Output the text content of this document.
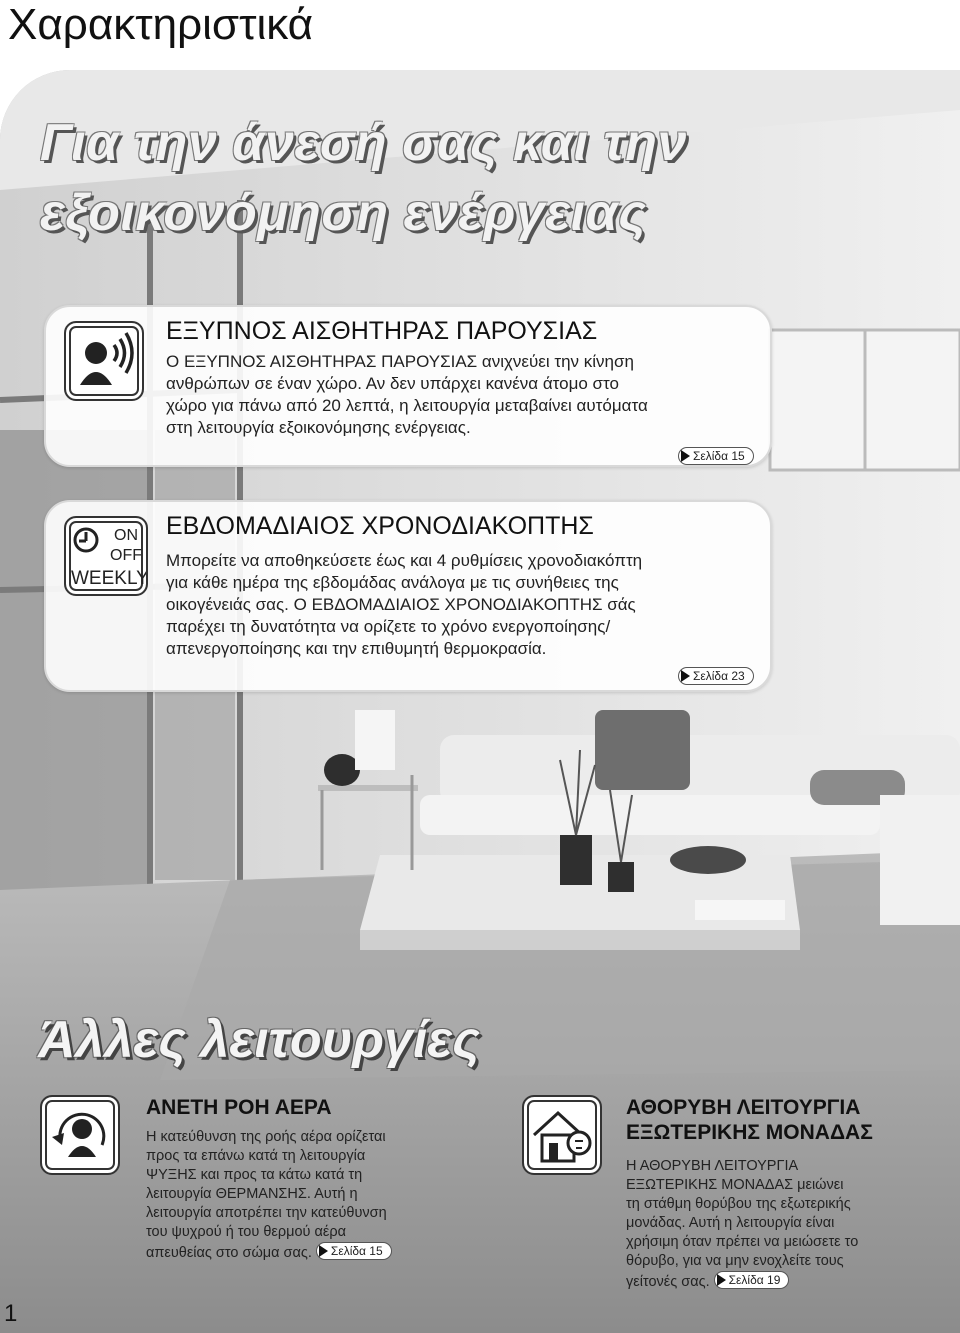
Χαρακτηριστικά
Για την άνεσή σας και την
εξοικονόμηση ενέργειας
ΕΞΥΠΝΟΣ ΑΙΣΘΗΤΗΡΑΣ ΠΑΡΟΥΣΙΑΣ

Ο ΕΞΥΠΝΟΣ ΑΙΣΘΗΤΗΡΑΣ ΠΑΡΟΥΣΙΑΣ ανιχνεύει την κίνηση
ανθρώπων σε έναν χώρο. Αν δεν υπάρχει κανένα άτομο στο
χώρο για πάνω από 20 λεπτά, η λειτουργία μεταβαίνει αυτόματα
στη λειτουργία εξοικονόμησης ενέργειας.

Σελίδα 15
ON
OFF
WEEKLY
ΕΒΔΟΜΑΔΙΑΙΟΣ ΧΡΟΝΟΔΙΑΚΟΠΤΗΣ

Μπορείτε να αποθηκεύσετε έως και 4 ρυθμίσεις χρονοδιακόπτη
για κάθε ημέρα της εβδομάδας ανάλογα με τις συνήθειες της
οικογένειάς σας. Ο ΕΒΔΟΜΑΔΙΑΙΟΣ ΧΡΟΝΟΔΙΑΚΟΠΤΗΣ σάς
παρέχει τη δυνατότητα να ορίζετε το χρόνο ενεργοποίησης/
απενεργοποίησης και την επιθυμητή θερμοκρασία.

Σελίδα 23
Άλλες λειτουργίες
ΑΝΕΤΗ ΡΟΗ ΑΕΡΑ

Η κατεύθυνση της ροής αέρα ορίζεται
προς τα επάνω κατά τη λειτουργία
ΨΥΞΗΣ και προς τα κάτω κατά τη
λειτουργία ΘΕΡΜΑΝΣΗΣ. Αυτή η
λειτουργία αποτρέπει την κατεύθυνση
του ψυχρού ή του θερμού αέρα
απευθείας στο σώμα σας. Σελίδα 15

ΑΘΟΡΥΒΗ ΛΕΙΤΟΥΡΓΙΑ
ΕΞΩΤΕΡΙΚΗΣ ΜΟΝΑΔΑΣ

Η ΑΘΟΡΥΒΗ ΛΕΙΤΟΥΡΓΙΑ
ΕΞΩΤΕΡΙΚΗΣ ΜΟΝΑΔΑΣ μειώνει
τη στάθμη θορύβου της εξωτερικής
μονάδας. Αυτή η λειτουργία είναι
χρήσιμη όταν πρέπει να μειώσετε το
θόρυβο, για να μην ενοχλείτε τους
γείτονές σας. Σελίδα 19

1
